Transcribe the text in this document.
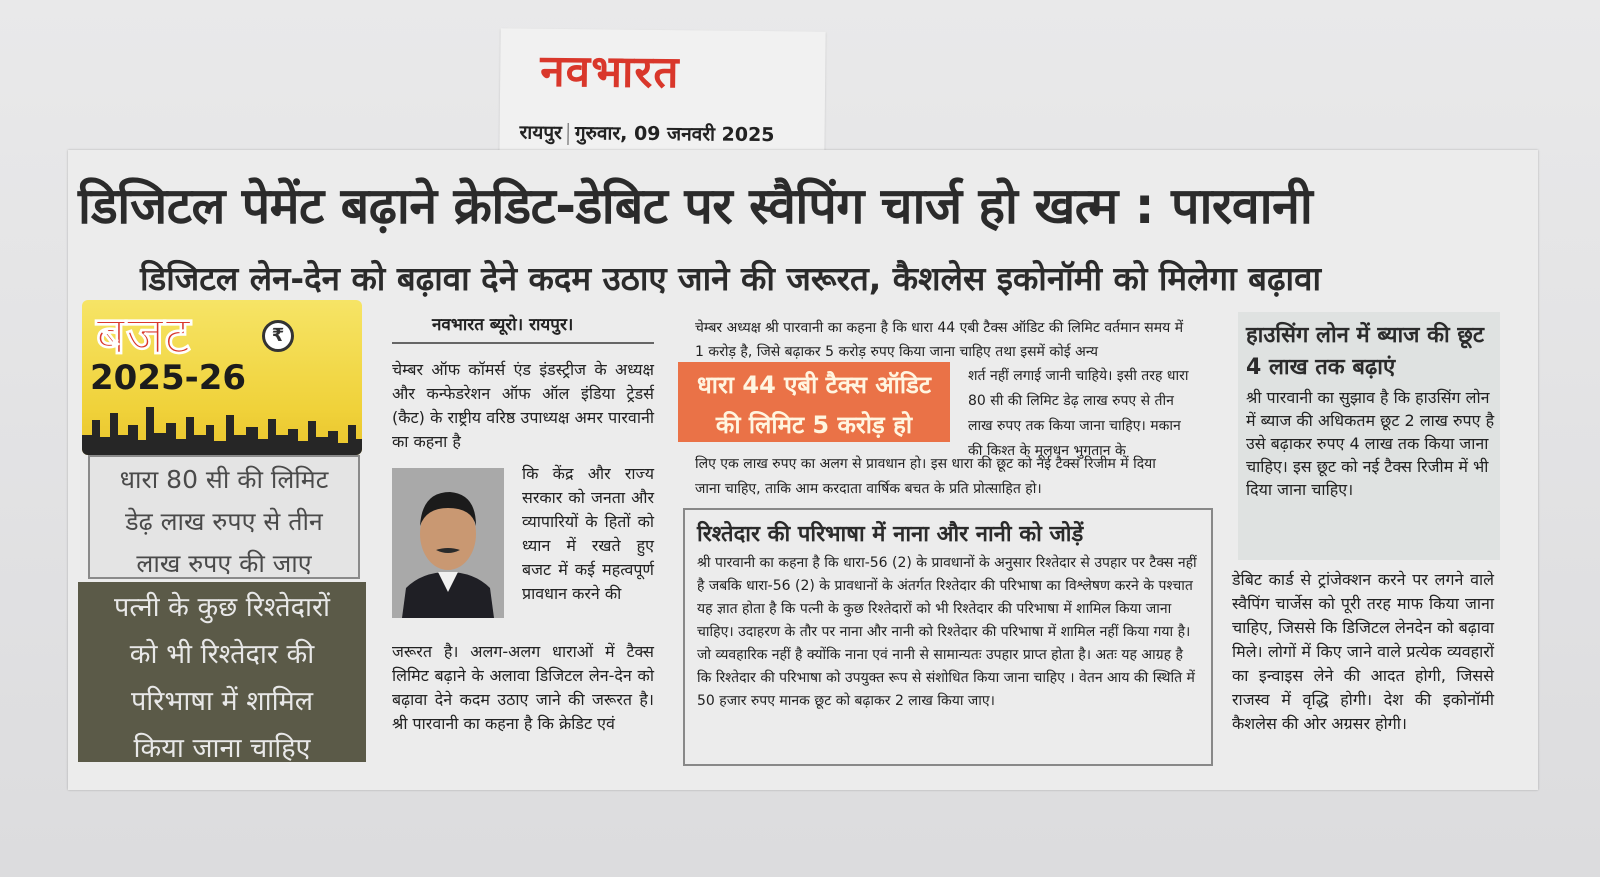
नवभारत
रायपुर गुरुवार, 09 जनवरी 2025
डिजिटल पेमेंट बढ़ाने क्रेडिट-डेबिट पर स्वैपिंग चार्ज हो खत्म : पारवानी
डिजिटल लेन-देन को बढ़ावा देने कदम उठाए जाने की जरूरत, कैशलेस इकोनॉमी को मिलेगा बढ़ावा
बजट	₹
2025-26
धारा 80 सी की लिमिट
डेढ़ लाख रुपए से तीन
लाख रुपए की जाए
पत्नी के कुछ रिश्तेदारों
को भी रिश्तेदार की
परिभाषा में शामिल
किया जाना चाहिए
नवभारत ब्यूरो। रायपुर।
चेम्बर ऑफ कॉमर्स एंड इंडस्ट्रीज के अध्यक्ष और कन्फेडरेशन ऑफ ऑल इंडिया ट्रेडर्स (कैट) के राष्ट्रीय वरिष्ठ उपाध्यक्ष अमर पारवानी का कहना है
कि केंद्र और राज्य सरकार को जनता और व्यापारियों के हितों को ध्यान में रखते हुए बजट में कई महत्वपूर्ण प्रावधान करने की
जरूरत है। अलग-अलग धाराओं में टैक्स लिमिट बढ़ाने के अलावा डिजिटल लेन-देन को बढ़ावा देने कदम उठाए जाने की जरूरत है। श्री पारवानी का कहना है कि क्रेडिट एवं
चेम्बर अध्यक्ष श्री पारवानी का कहना है कि धारा 44 एबी टैक्स ऑडिट की लिमिट वर्तमान समय में 1 करोड़ है, जिसे बढ़ाकर 5 करोड़ रुपए किया जाना चाहिए तथा इसमें कोई अन्य
धारा 44 एबी टैक्स ऑडिट
की लिमिट 5 करोड़ हो
शर्त नहीं लगाई जानी चाहिये। इसी तरह धारा 80 सी की लिमिट डेढ़ लाख रुपए से तीन लाख रुपए तक किया जाना चाहिए। मकान की किश्त के मूलधन भुगतान के
लिए एक लाख रुपए का अलग से प्रावधान हो। इस धारा की छूट को नई टैक्स रिजीम में दिया जाना चाहिए, ताकि आम करदाता वार्षिक बचत के प्रति प्रोत्साहित हो।
रिश्तेदार की परिभाषा में नाना और नानी को जोड़ें

श्री पारवानी का कहना है कि धारा-56 (2) के प्रावधानों के अनुसार रिश्तेदार से उपहार पर टैक्स नहीं है जबकि धारा-56 (2) के प्रावधानों के अंतर्गत रिश्तेदार की परिभाषा का विश्लेषण करने के पश्चात यह ज्ञात होता है कि पत्नी के कुछ रिश्तेदारों को भी रिश्तेदार की परिभाषा में शामिल किया जाना चाहिए। उदाहरण के तौर पर नाना और नानी को रिश्तेदार की परिभाषा में शामिल नहीं किया गया है। जो व्यवहारिक नहीं है क्योंकि नाना एवं नानी से सामान्यतः उपहार प्राप्त होता है। अतः यह आग्रह है कि रिश्तेदार की परिभाषा को उपयुक्त रूप से संशोधित किया जाना चाहिए । वेतन आय की स्थिति में 50 हजार रुपए मानक छूट को बढ़ाकर 2 लाख किया जाए।

हाउसिंग लोन में ब्याज की छूट 4 लाख तक बढ़ाएं

श्री पारवानी का सुझाव है कि हाउसिंग लोन में ब्याज की अधिकतम छूट 2 लाख रुपए है उसे बढ़ाकर रुपए 4 लाख तक किया जाना चाहिए। इस छूट को नई टैक्स रिजीम में भी दिया जाना चाहिए।

डेबिट कार्ड से ट्रांजेक्शन करने पर लगने वाले स्वैपिंग चार्जेस को पूरी तरह माफ किया जाना चाहिए, जिससे कि डिजिटल लेनदेन को बढ़ावा मिले। लोगों में किए जाने वाले प्रत्येक व्यवहारों का इन्वाइस लेने की आदत होगी, जिससे राजस्व में वृद्धि होगी। देश की इकोनॉमी कैशलेस की ओर अग्रसर होगी।
